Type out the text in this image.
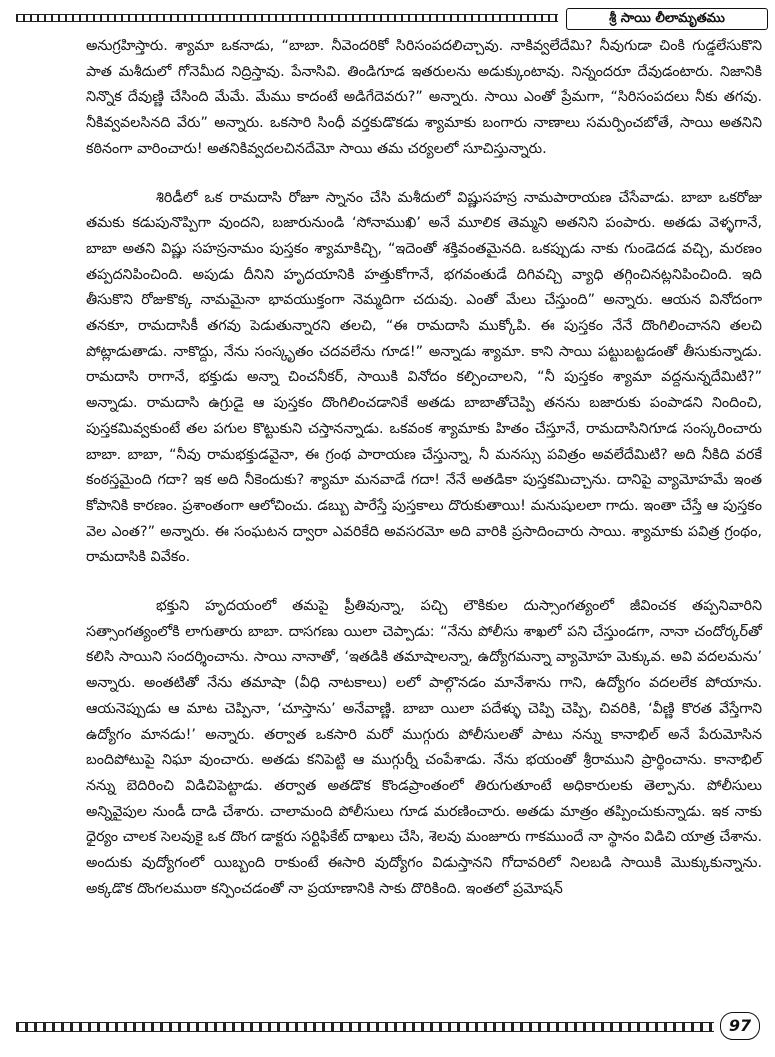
శ్రీ సాయి లీలామృతము

అనుగ్రహిస్తారు. శ్యామా ఒకనాడు, “బాబా. నీవెందరికో సిరిసంపదలిచ్చావు. నాకివ్వలేదేమి? నీవుగుడా చింకి గుడ్డలేసుకొని పాత మశీదులో గోనెమీద నిద్రిస్తావు. పేనాసివి. తిండిగూడ ఇతరులను అడుక్కుంటావు. నిన్నందరూ దేవుడంటారు. నిజానికి నిన్నొక దేవుణ్ణి చేసింది మేమే. మేము కాదంటే అడిగేదెవరు?” అన్నారు. సాయి ఎంతో ప్రేమగా, “సిరిసంపదలు నీకు తగవు. నీకివ్వవలసినది వేరు” అన్నారు. ఒకసారి సింధీ వర్తకుడొకడు శ్యామాకు బంగారు నాణాలు సమర్పించబోతే, సాయి అతనిని కఠినంగా వారించారు! అతనికివ్వదలచినదేమో సాయి తమ చర్యలలో సూచిస్తున్నారు.

శిరిడీలో ఒక రామదాసి రోజూ స్నానం చేసి మశీదులో విష్ణుసహస్ర నామపారాయణ చేసేవాడు. బాబా ఒకరోజు తమకు కడుపునొప్పిగా వుందని, బజారునుండి ‘సోనాముఖి’ అనే మూలిక తెమ్మని అతనిని పంపారు. అతడు వెళ్ళగానే, బాబా అతని విష్ణు సహస్రనామం పుస్తకం శ్యామాకిచ్చి, “ఇదెంతో శక్తివంతమైనది. ఒకప్పుడు నాకు గుండెదడ వచ్చి, మరణం తప్పదనిపించింది. అపుడు దీనిని హృదయానికి హత్తుకోగానే, భగవంతుడే దిగివచ్చి వ్యాధి తగ్గించినట్లనిపించింది. ఇది తీసుకొని రోజుకొక్క నామమైనా భావయుక్తంగా నెమ్మదిగా చదువు. ఎంతో మేలు చేస్తుంది” అన్నారు. ఆయన వినోదంగా తనకూ, రామదాసికీ తగవు పెడుతున్నారని తలచి, “ఈ రామదాసి ముక్కోపి. ఈ పుస్తకం నేనే దొంగిలించానని తలచి పోట్లాడుతాడు. నాకొద్దు, నేను సంస్కృతం చదవలేను గూడ!” అన్నాడు శ్యామా. కాని సాయి పట్టుబట్టడంతో తీసుకున్నాడు. రామదాసి రాగానే, భక్తుడు అన్నా చించనీకర్, సాయికి వినోదం కల్పించాలని, “నీ పుస్తకం శ్యామా వద్దనున్నదేమిటి?” అన్నాడు. రామదాసి ఉగ్రుడై ఆ పుస్తకం దొంగిలించడానికే అతడు బాబాతోచెప్పి తనను బజారుకు పంపాడని నిందించి, పుస్తకమివ్వకుంటే తల పగుల కొట్టుకుని చస్తానన్నాడు. ఒకవంక శ్యామాకు హితం చేస్తూనే, రామదాసినిగూడ సంస్కరించారు బాబా. బాబా, “నీవు రామభక్తుడవైనా, ఈ గ్రంథ పారాయణ చేస్తున్నా, నీ మనస్సు పవిత్రం అవలేదేమిటి? అది నీకిది వరకే కంఠస్తమైంది గదా? ఇక అది నీకెందుకు? శ్యామా మనవాడే గదా! నేనే అతడికా పుస్తకమిచ్చాను. దానిపై వ్యామోహమే ఇంత కోపానికి కారణం. ప్రశాంతంగా ఆలోచించు. డబ్బు పారేస్తే పుస్తకాలు దొరుకుతాయి! మనుషులలా గాదు. ఇంతా చేస్తే ఆ పుస్తకం వెల ఎంత?” అన్నారు. ఈ సంఘటన ద్వారా ఎవరికేది అవసరమో అది వారికి ప్రసాదించారు సాయి. శ్యామాకు పవిత్ర గ్రంథం, రామదాసికి వివేకం.

భక్తుని హృదయంలో తమపై ప్రీతివున్నా, పచ్చి లౌకికుల దుస్సాంగత్యంలో జీవించక తప్పనివారిని సత్సాంగత్యంలోకి లాగుతారు బాబా. దాసగణు యిలా చెప్పాడు: “నేను పోలీసు శాఖలో పని చేస్తుండగా, నానా చందోర్కర్‌తో కలిసి సాయిని సందర్శించాను. సాయి నానాతో, ‘ఇతడికి తమాషాలన్నా, ఉద్యోగమన్నా వ్యామోహ మెక్కువ. అవి వదలమను’ అన్నారు. అంతటితో నేను తమాషా (వీధి నాటకాలు) లలో పాల్గొనడం మానేశాను గాని, ఉద్యోగం వదలలేక పోయాను. ఆయనెప్పుడు ఆ మాట చెప్పినా, ‘చూస్తాను’ అనేవాణ్ణి. బాబా యిలా పదేళ్ళు చెప్పి చెప్పి, చివరికి, ‘వీణ్ణి కొరత వేస్తేగాని ఉద్యోగం మానడు!’ అన్నారు. తర్వాత ఒకసారి మరో ముగ్గురు పోలీసులతో పాటు నన్ను కానాభిల్ అనే పేరుమోసిన బందిపోటుపై నిఘా వుంచారు. అతడు కనిపెట్టి ఆ ముగ్గుర్నీ చంపేశాడు. నేను భయంతో శ్రీరాముని ప్రార్థించాను. కానాభిల్ నన్ను బెదిరించి విడిచిపెట్టాడు. తర్వాత అతడొక కొండప్రాంతంలో తిరుగుతూంటే అధికారులకు తెల్పాను. పోలీసులు అన్నివైపుల నుండీ దాడి చేశారు. చాలామంది పోలీసులు గూడ మరణించారు. అతడు మాత్రం తప్పించుకున్నాడు. ఇక నాకు ధైర్యం చాలక సెలవుకై ఒక దొంగ డాక్టరు సర్టిఫికేట్ దాఖలు చేసి, శెలవు మంజూరు గాకముందే నా స్థానం విడిచి యాత్ర చేశాను. అందుకు వుద్యోగంలో యిబ్బంది రాకుంటే ఈసారి వుద్యోగం విడుస్తానని గోదావరిలో నిలబడి సాయికి మొక్కుకున్నాను. అక్కడొక దొంగలముఠా కన్పించడంతో నా ప్రయాణానికి సాకు దొరికింది. ఇంతలో ప్రమోషన్

97
